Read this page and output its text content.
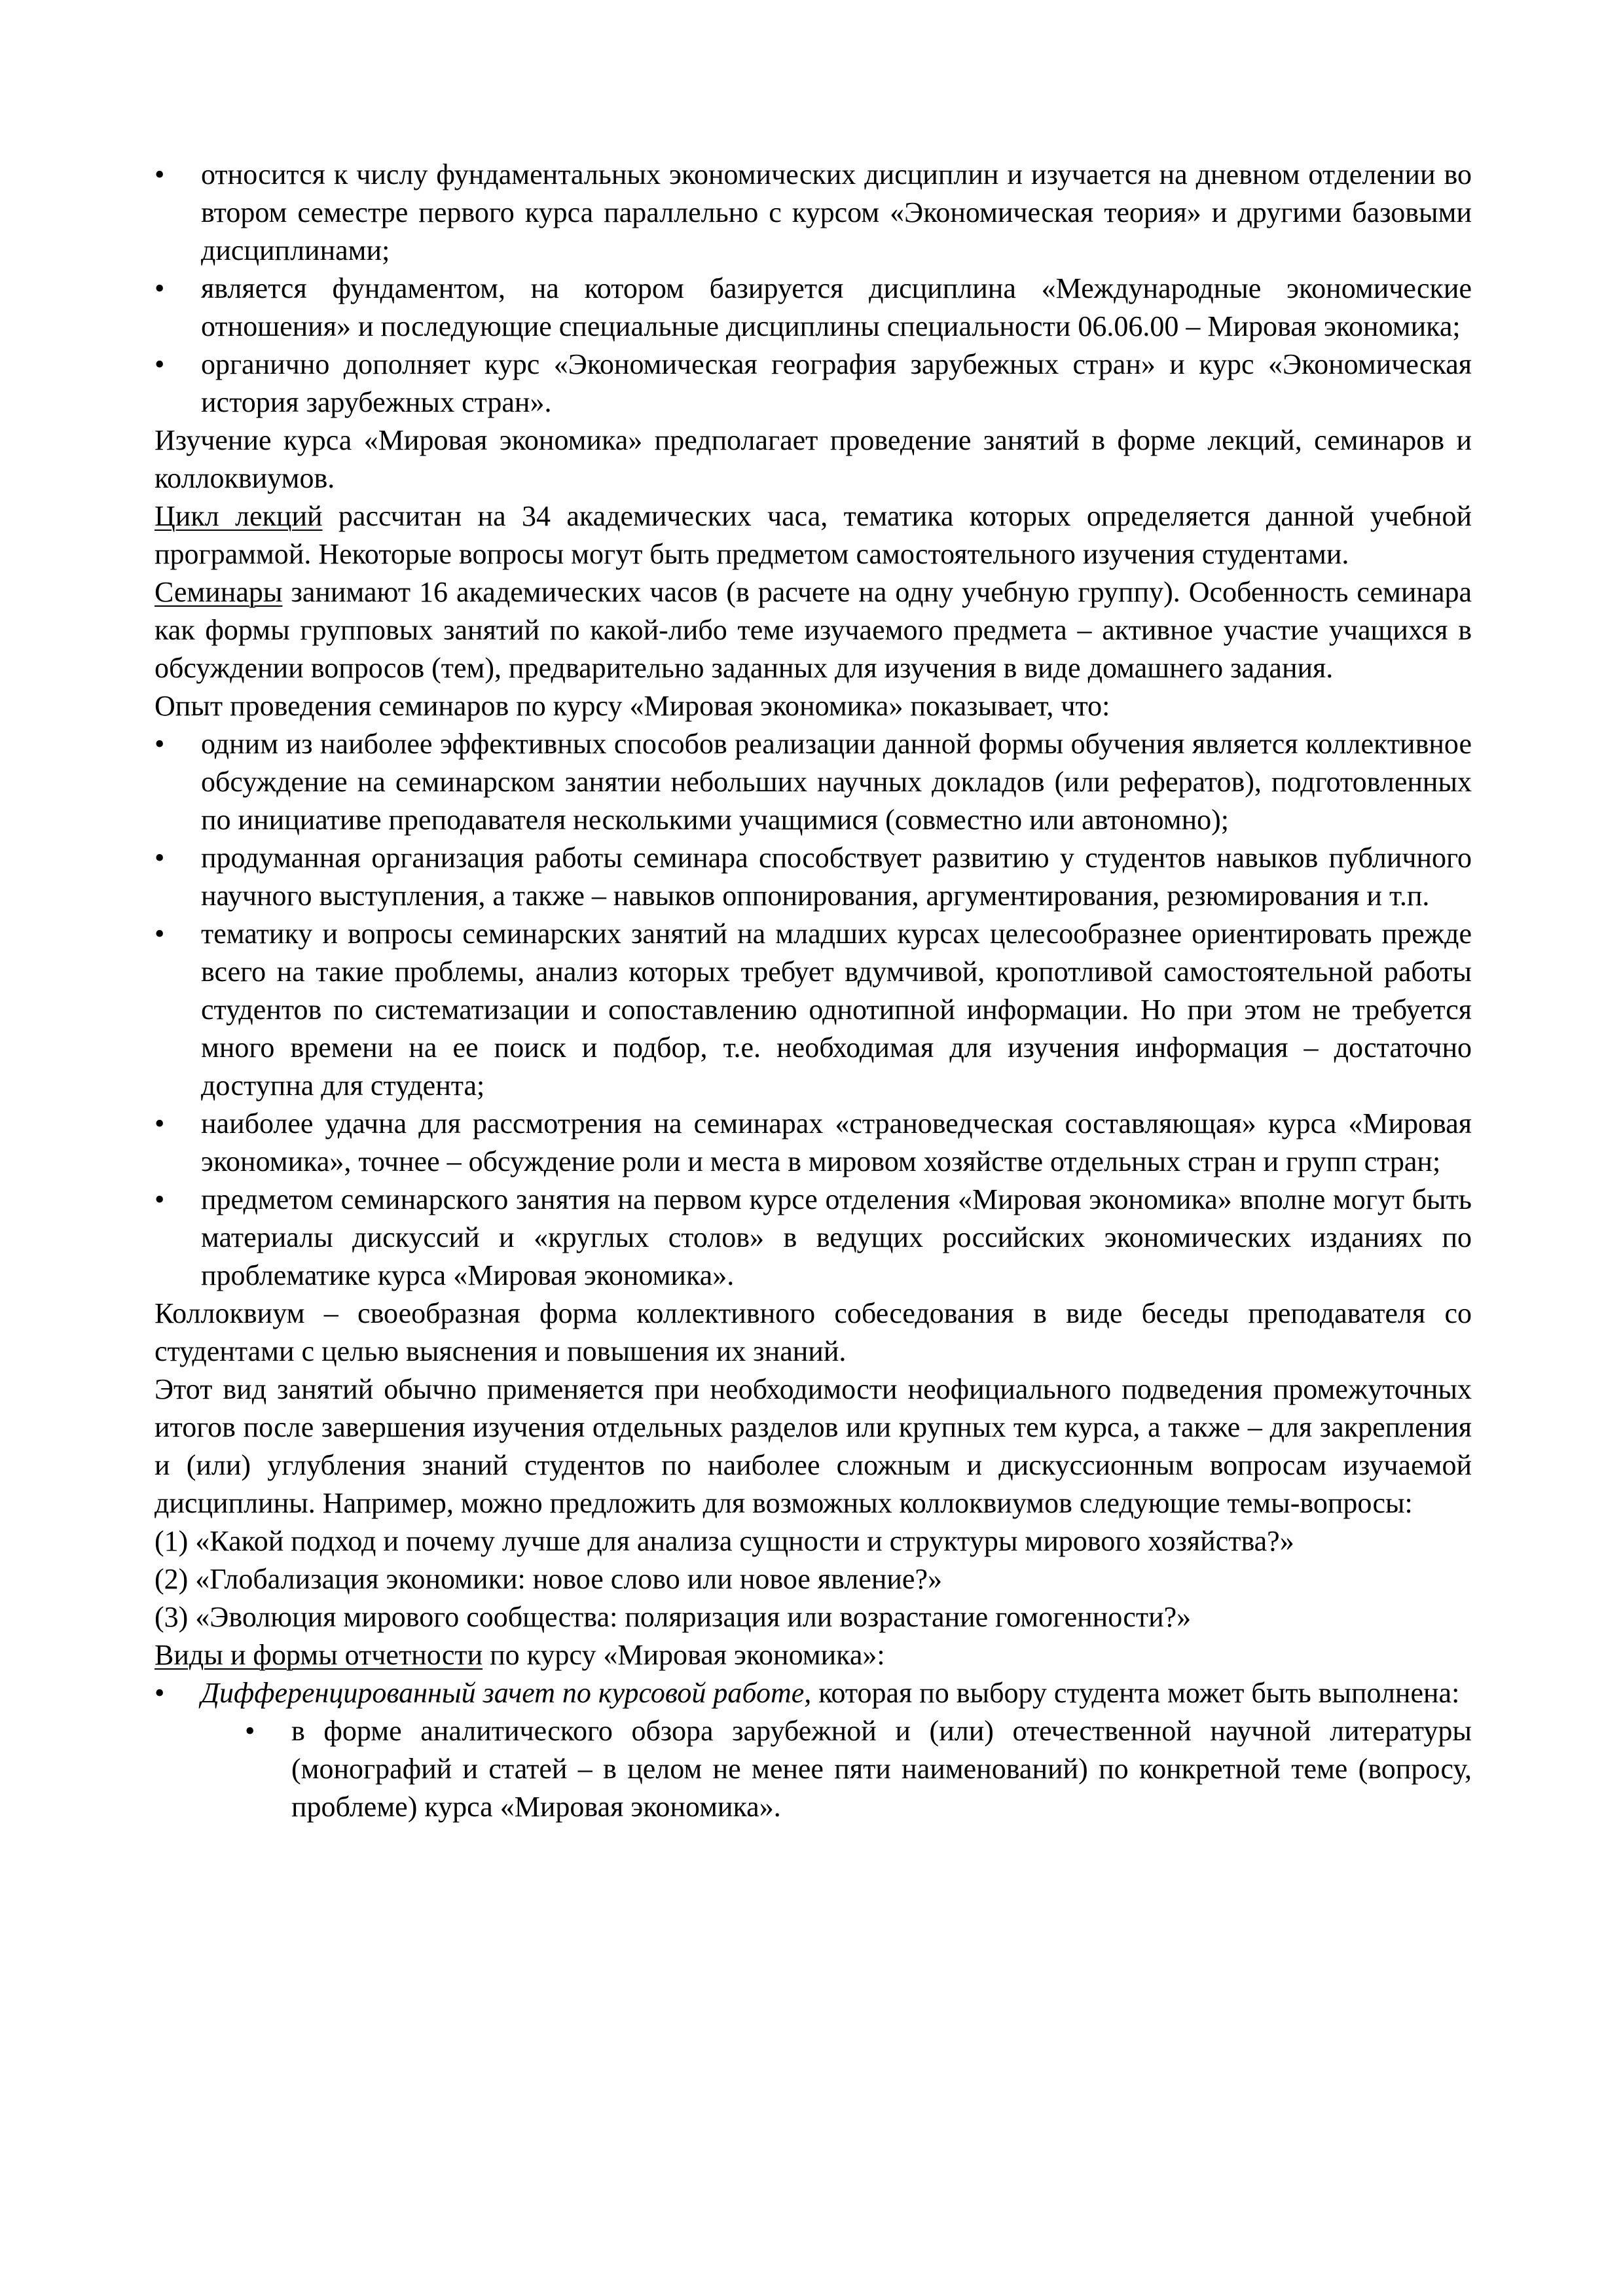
•	относится к числу фундаментальных экономических дисциплин и изучается на дневном отделении во втором семестре первого курса параллельно с курсом «Экономическая теория» и другими базовыми дисциплинами;
•	является фундаментом, на котором базируется дисциплина «Международные экономические отношения» и последующие специальные дисциплины специальности 06.06.00 – Мировая экономика;
•	органично дополняет курс «Экономическая география зарубежных стран» и курс «Экономическая история зарубежных стран».

Изучение курса «Мировая экономика» предполагает проведение занятий в форме лекций, семинаров и коллоквиумов.

Цикл лекций рассчитан на 34 академических часа, тематика которых определяется данной учебной программой. Некоторые вопросы могут быть предметом самостоятельного изучения студентами.

Семинары занимают 16 академических часов (в расчете на одну учебную группу). Особенность семинара как формы групповых занятий по какой-либо теме изучаемого предмета – активное участие учащихся в обсуждении вопросов (тем), предварительно заданных для изучения в виде домашнего задания.

Опыт проведения семинаров по курсу «Мировая экономика» показывает, что:

•	одним из наиболее эффективных способов реализации данной формы обучения является коллективное обсуждение на семинарском занятии небольших научных докладов (или рефератов), подготовленных по инициативе преподавателя несколькими учащимися (совместно или автономно);
•	продуманная организация работы семинара способствует развитию у студентов навыков публичного научного выступления, а также – навыков оппонирования, аргументирования, резюмирования и т.п.
•	тематику и вопросы семинарских занятий на младших курсах целесообразнее ориентировать прежде всего на такие проблемы, анализ которых требует вдумчивой, кропотливой самостоятельной работы студентов по систематизации и сопоставлению однотипной информации. Но при этом не требуется много времени на ее поиск и подбор, т.е. необходимая для изучения информация – достаточно доступна для студента;
•	наиболее удачна для рассмотрения на семинарах «страноведческая составляющая» курса «Мировая экономика», точнее – обсуждение роли и места в мировом хозяйстве отдельных стран и групп стран;
•	предметом семинарского занятия на первом курсе отделения «Мировая экономика» вполне могут быть материалы дискуссий и «круглых столов» в ведущих российских экономических изданиях по проблематике курса «Мировая экономика».

Коллоквиум – своеобразная форма коллективного собеседования в виде беседы преподавателя со студентами с целью выяснения и повышения их знаний.

Этот вид занятий обычно применяется при необходимости неофициального подведения промежуточных итогов после завершения изучения отдельных разделов или крупных тем курса, а также – для закрепления и (или) углубления знаний студентов по наиболее сложным и дискуссионным вопросам изучаемой дисциплины. Например, можно предложить для возможных коллоквиумов следующие темы-вопросы:

(1) «Какой подход и почему лучше для анализа сущности и структуры мирового хозяйства?»

(2) «Глобализация экономики: новое слово или новое явление?»

(3) «Эволюция мирового сообщества: поляризация или возрастание гомогенности?»

Виды и формы отчетности по курсу «Мировая экономика»:

•	Дифференцированный зачет по курсовой работе, которая по выбору студента может быть выполнена:
•	в форме аналитического обзора зарубежной и (или) отечественной научной литературы (монографий и статей – в целом не менее пяти наименований) по конкретной теме (вопросу, проблеме) курса «Мировая экономика».
